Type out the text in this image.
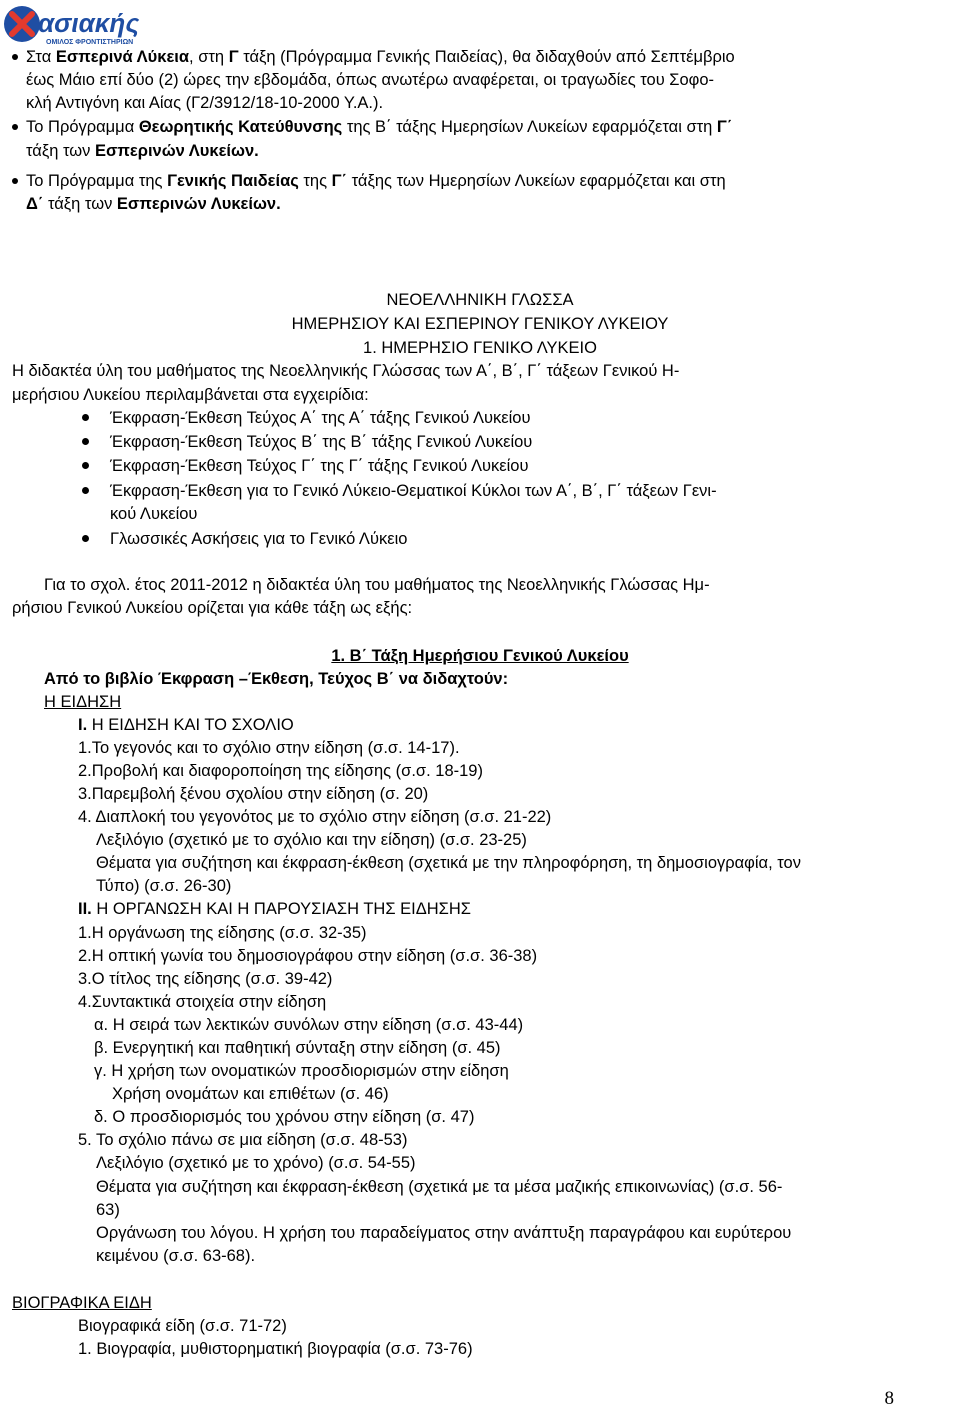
ασιακής
ΟΜΙΛΟΣ ΦΡΟΝΤΙΣΤΗΡΙΩΝ
Στα Εσπερινά Λύκεια, στη Γ τάξη (Πρόγραμμα Γενικής Παιδείας), θα διδαχθούν από Σεπτέμβριο
έως Μάιο επί δύο (2) ώρες την εβδομάδα, όπως ανωτέρω αναφέρεται, οι τραγωδίες του Σοφο-
κλή Αντιγόνη και Αίας (Γ2/3912/18-10-2000 Υ.Α.).
Το Πρόγραμμα Θεωρητικής Κατεύθυνσης της Β΄ τάξης Ημερησίων Λυκείων εφαρμόζεται στη Γ΄
τάξη των Εσπερινών Λυκείων.
Το Πρόγραμμα της Γενικής Παιδείας της Γ΄ τάξης των Ημερησίων Λυκείων εφαρμόζεται και στη
Δ΄ τάξη των Εσπερινών Λυκείων.
ΝΕΟΕΛΛΗΝΙΚΗ ΓΛΩΣΣΑ
ΗΜΕΡΗΣΙΟΥ ΚΑΙ ΕΣΠΕΡΙΝΟΥ ΓΕΝΙΚΟΥ ΛΥΚΕΙΟΥ
1. ΗΜΕΡΗΣΙΟ ΓΕΝΙΚΟ ΛΥΚΕΙΟ
Η διδακτέα ύλη του μαθήματος της Νεοελληνικής Γλώσσας των Α΄, Β΄, Γ΄ τάξεων Γενικού Η-
μερήσιου Λυκείου περιλαμβάνεται στα εγχειρίδια:
Έκφραση-Έκθεση Τεύχος Α΄ της Α΄ τάξης Γενικού Λυκείου
Έκφραση-Έκθεση Τεύχος Β΄ της Β΄ τάξης Γενικού Λυκείου
Έκφραση-Έκθεση Τεύχος Γ΄ της Γ΄ τάξης Γενικού Λυκείου
Έκφραση-Έκθεση για το Γενικό Λύκειο-Θεματικοί Κύκλοι των Α΄, Β΄, Γ΄ τάξεων Γενι-
κού Λυκείου
Γλωσσικές Ασκήσεις για το Γενικό Λύκειο
Για το σχολ. έτος 2011-2012 η διδακτέα ύλη του μαθήματος της Νεοελληνικής Γλώσσας Ημ-
ρήσιου Γενικού Λυκείου ορίζεται για κάθε τάξη ως εξής:
1. Β΄ Τάξη Ημερήσιου Γενικού Λυκείου
Από το βιβλίο Έκφραση –Έκθεση, Τεύχος Β΄ να διδαχτούν:
Η ΕΙΔΗΣΗ
I. Η ΕΙΔΗΣΗ ΚΑΙ ΤΟ ΣΧΟΛΙΟ
1.Το γεγονός και το σχόλιο στην είδηση (σ.σ. 14-17).
2.Προβολή και διαφοροποίηση της είδησης (σ.σ. 18-19)
3.Παρεμβολή ξένου σχολίου στην είδηση (σ. 20)
4. Διαπλοκή του γεγονότος με το σχόλιο στην είδηση (σ.σ. 21-22)
Λεξιλόγιο (σχετικό με το σχόλιο και την είδηση) (σ.σ. 23-25)
Θέματα για συζήτηση και έκφραση-έκθεση (σχετικά με την πληροφόρηση, τη δημοσιογραφία, τον
Τύπο) (σ.σ. 26-30)
II. Η ΟΡΓΑΝΩΣΗ ΚΑΙ Η ΠΑΡΟΥΣΙΑΣΗ ΤΗΣ ΕΙΔΗΣΗΣ
1.Η οργάνωση της είδησης (σ.σ. 32-35)
2.Η οπτική γωνία του δημοσιογράφου στην είδηση (σ.σ. 36-38)
3.Ο τίτλος της είδησης (σ.σ. 39-42)
4.Συντακτικά στοιχεία στην είδηση
α. Η σειρά των λεκτικών συνόλων στην είδηση (σ.σ. 43-44)
β. Ενεργητική και παθητική σύνταξη στην είδηση (σ. 45)
γ. Η χρήση των ονοματικών προσδιορισμών στην είδηση
Χρήση ονομάτων και επιθέτων (σ. 46)
δ. Ο προσδιορισμός του χρόνου στην είδηση (σ. 47)
5. Το σχόλιο πάνω σε μια είδηση (σ.σ. 48-53)
Λεξιλόγιο (σχετικό με το χρόνο) (σ.σ. 54-55)
Θέματα για συζήτηση και έκφραση-έκθεση (σχετικά με τα μέσα μαζικής επικοινωνίας) (σ.σ. 56-
63)
Οργάνωση του λόγου. Η χρήση του παραδείγματος στην ανάπτυξη παραγράφου και ευρύτερου
κειμένου (σ.σ. 63-68).
ΒΙΟΓΡΑΦΙΚΑ ΕΙΔΗ
Βιογραφικά είδη (σ.σ. 71-72)
1. Βιογραφία, μυθιστορηματική βιογραφία (σ.σ. 73-76)
8
